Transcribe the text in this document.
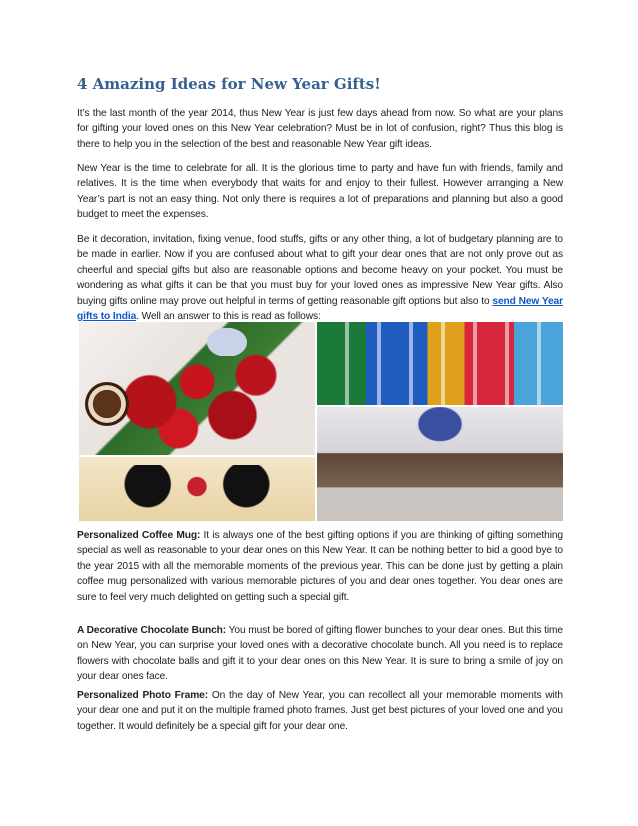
4 Amazing Ideas for New Year Gifts!

It’s the last month of the year 2014, thus New Year is just few days ahead from now. So what are your plans for gifting your loved ones on this New Year celebration? Must be in lot of confusion, right? Thus this blog is there to help you in the selection of the best and reasonable New Year gift ideas.

New Year is the time to celebrate for all. It is the glorious time to party and have fun with friends, family and relatives. It is the time when everybody that waits for and enjoy to their fullest. However arranging a New Year’s part is not an easy thing. Not only there is requires a lot of preparations and planning but also a good budget to meet the expenses.

Be it decoration, invitation, fixing venue, food stuffs, gifts or any other thing, a lot of budgetary planning are to be made in earlier. Now if you are confused about what to gift your dear ones that are not only prove out as cheerful and special gifts but also are reasonable options and become heavy on your pocket. You must be wondering as what gifts it can be that you must buy for your loved ones as impressive New Year gifts. Also buying gifts online may prove out helpful in terms of getting reasonable gift options but also to send New Year gifts to India. Well an answer to this is read as follows:

Personalized Coffee Mug: It is always one of the best gifting options if you are thinking of gifting something special as well as reasonable to your dear ones on this New Year. It can be nothing better to bid a good bye to the year 2015 with all the memorable moments of the previous year. This can be done just by getting a plain coffee mug personalized with various memorable pictures of you and dear ones together. You dear ones are sure to feel very much delighted on getting such a special gift.

A Decorative Chocolate Bunch: You must be bored of gifting flower bunches to your dear ones. But this time on New Year, you can surprise your loved ones with a decorative chocolate bunch. All you need is to replace flowers with chocolate balls and gift it to your dear ones on this New Year. It is sure to bring a smile of joy on your dear ones face.

Personalized Photo Frame: On the day of New Year, you can recollect all your memorable moments with your dear one and put it on the multiple framed photo frames. Just get best pictures of your loved one and you together. It would definitely be a special gift for your dear one.
